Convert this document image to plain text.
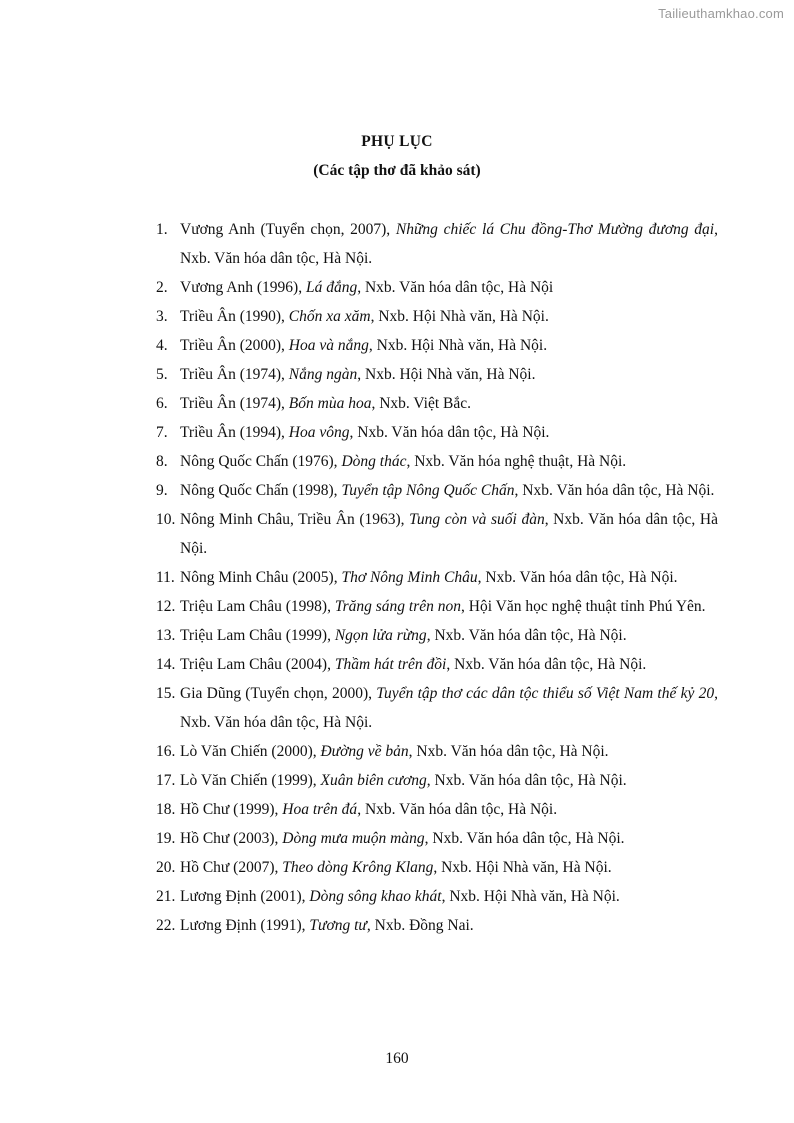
Tailieuthamkhao.com
PHỤ LỤC
(Các tập thơ đã khảo sát)
1. Vương Anh (Tuyển chọn, 2007), Những chiếc lá Chu đồng-Thơ Mường đương đại, Nxb. Văn hóa dân tộc, Hà Nội.
2. Vương Anh (1996), Lá đắng, Nxb. Văn hóa dân tộc, Hà Nội
3. Triều Ân (1990), Chốn xa xăm, Nxb. Hội Nhà văn, Hà Nội.
4. Triều Ân (2000), Hoa và nắng, Nxb. Hội Nhà văn, Hà Nội.
5. Triều Ân (1974), Nắng ngàn, Nxb. Hội Nhà văn, Hà Nội.
6. Triều Ân (1974), Bốn mùa hoa, Nxb. Việt Bắc.
7. Triều Ân (1994), Hoa vông, Nxb. Văn hóa dân tộc, Hà Nội.
8. Nông Quốc Chấn (1976), Dòng thác, Nxb. Văn hóa nghệ thuật, Hà Nội.
9. Nông Quốc Chấn (1998), Tuyển tập Nông Quốc Chấn, Nxb. Văn hóa dân tộc, Hà Nội.
10. Nông Minh Châu, Triều Ân (1963), Tung còn và suối đàn, Nxb. Văn hóa dân tộc, Hà Nội.
11. Nông Minh Châu (2005), Thơ Nông Minh Châu, Nxb. Văn hóa dân tộc, Hà Nội.
12. Triệu Lam Châu (1998), Trăng sáng trên non, Hội Văn học nghệ thuật tỉnh Phú Yên.
13. Triệu Lam Châu (1999), Ngọn lửa rừng, Nxb. Văn hóa dân tộc, Hà Nội.
14. Triệu Lam Châu (2004), Thầm hát trên đồi, Nxb. Văn hóa dân tộc, Hà Nội.
15. Gia Dũng (Tuyển chọn, 2000), Tuyển tập thơ các dân tộc thiểu số Việt Nam thế kỷ 20, Nxb. Văn hóa dân tộc, Hà Nội.
16. Lò Văn Chiến (2000), Đường về bản, Nxb. Văn hóa dân tộc, Hà Nội.
17. Lò Văn Chiến (1999), Xuân biên cương, Nxb. Văn hóa dân tộc, Hà Nội.
18. Hồ Chư (1999), Hoa trên đá, Nxb. Văn hóa dân tộc, Hà Nội.
19. Hồ Chư (2003), Dòng mưa muộn màng, Nxb. Văn hóa dân tộc, Hà Nội.
20. Hồ Chư (2007), Theo dòng Krông Klang, Nxb. Hội Nhà văn, Hà Nội.
21. Lương Định (2001), Dòng sông khao khát, Nxb. Hội Nhà văn, Hà Nội.
22. Lương Định (1991), Tương tư, Nxb. Đồng Nai.
160
